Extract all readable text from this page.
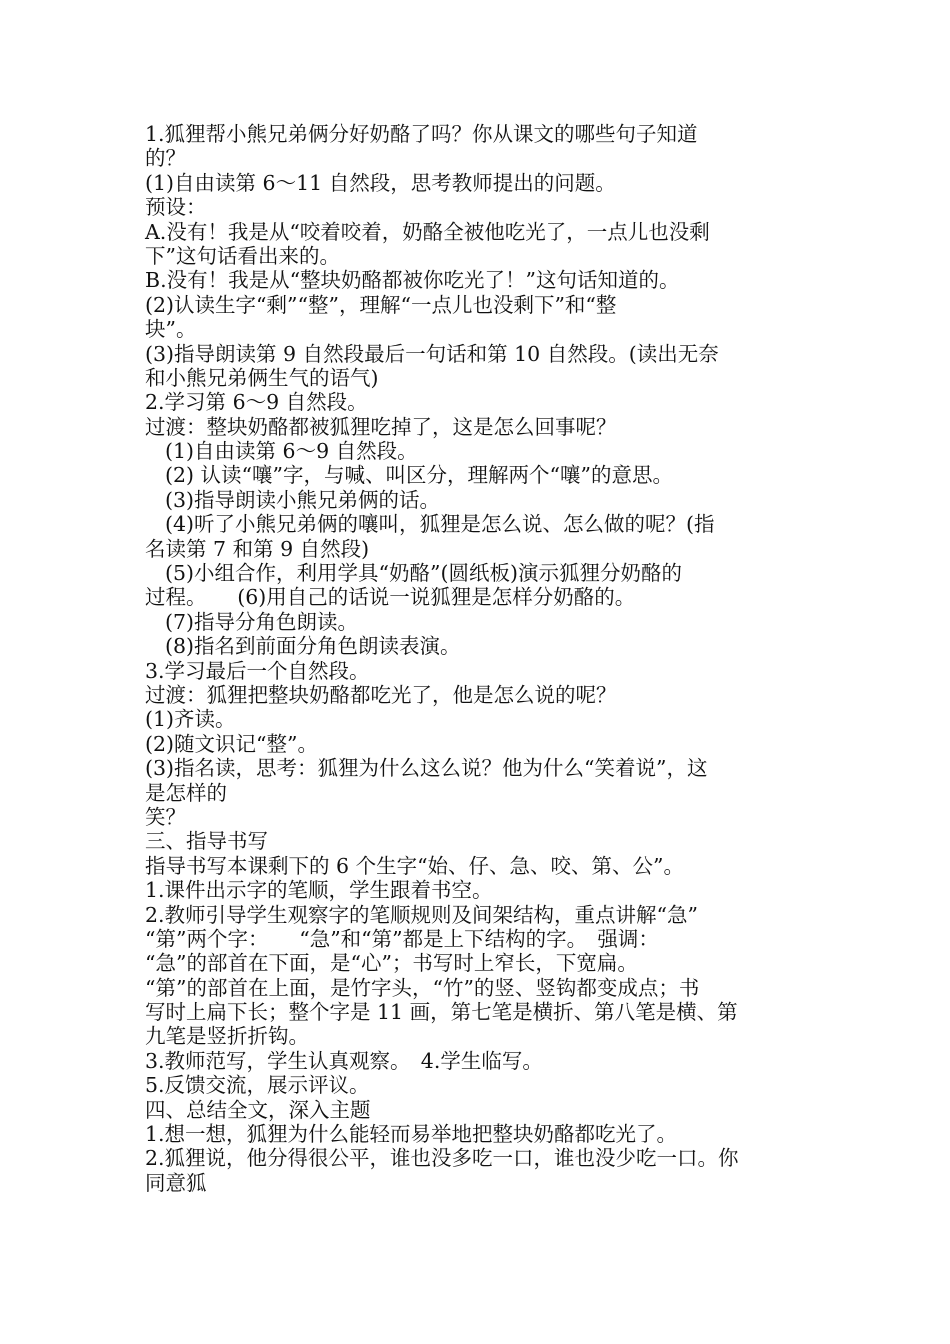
1.狐狸帮小熊兄弟俩分好奶酪了吗？你从课文的哪些句子知道
的？
(1)自由读第 6～11 自然段，思考教师提出的问题。
预设：
A.没有！我是从“咬着咬着，奶酪全被他吃光了，一点儿也没剩
下”这句话看出来的。
B.没有！我是从“整块奶酪都被你吃光了！”这句话知道的。
(2)认读生字“剩”“整”，理解“一点儿也没剩下”和“整
块”。
(3)指导朗读第 9 自然段最后一句话和第 10 自然段。(读出无奈
和小熊兄弟俩生气的语气)
2.学习第 6～9 自然段。
过渡：整块奶酪都被狐狸吃掉了，这是怎么回事呢？
(1)自由读第 6～9 自然段。
(2) 认读“嚷”字，与喊、叫区分，理解两个“嚷”的意思。
(3)指导朗读小熊兄弟俩的话。
(4)听了小熊兄弟俩的嚷叫，狐狸是怎么说、怎么做的呢？(指
名读第 7 和第 9 自然段)
(5)小组合作，利用学具“奶酪”(圆纸板)演示狐狸分奶酪的
过程。　　(6)用自己的话说一说狐狸是怎样分奶酪的。
(7)指导分角色朗读。
(8)指名到前面分角色朗读表演。
3.学习最后一个自然段。
过渡：狐狸把整块奶酪都吃光了，他是怎么说的呢？
(1)齐读。
(2)随文识记“整”。
(3)指名读，思考：狐狸为什么这么说？他为什么“笑着说”，这
是怎样的
笑？
三、指导书写
指导书写本课剩下的 6 个生字“始、仔、急、咬、第、公”。
1.课件出示字的笔顺，学生跟着书空。
2.教师引导学生观察字的笔顺规则及间架结构，重点讲解“急”
“第”两个字：　　“急”和“第”都是上下结构的字。　强调：
“急”的部首在下面，是“心”；书写时上窄长，下宽扁。
“第”的部首在上面，是竹字头，“竹”的竖、竖钩都变成点；书
写时上扁下长；整个字是 11 画，第七笔是横折、第八笔是横、第
九笔是竖折折钩。
3.教师范写，学生认真观察。　4.学生临写。
5.反馈交流，展示评议。
四、总结全文，深入主题
1.想一想，狐狸为什么能轻而易举地把整块奶酪都吃光了。
2.狐狸说，他分得很公平，谁也没多吃一口，谁也没少吃一口。你
同意狐
